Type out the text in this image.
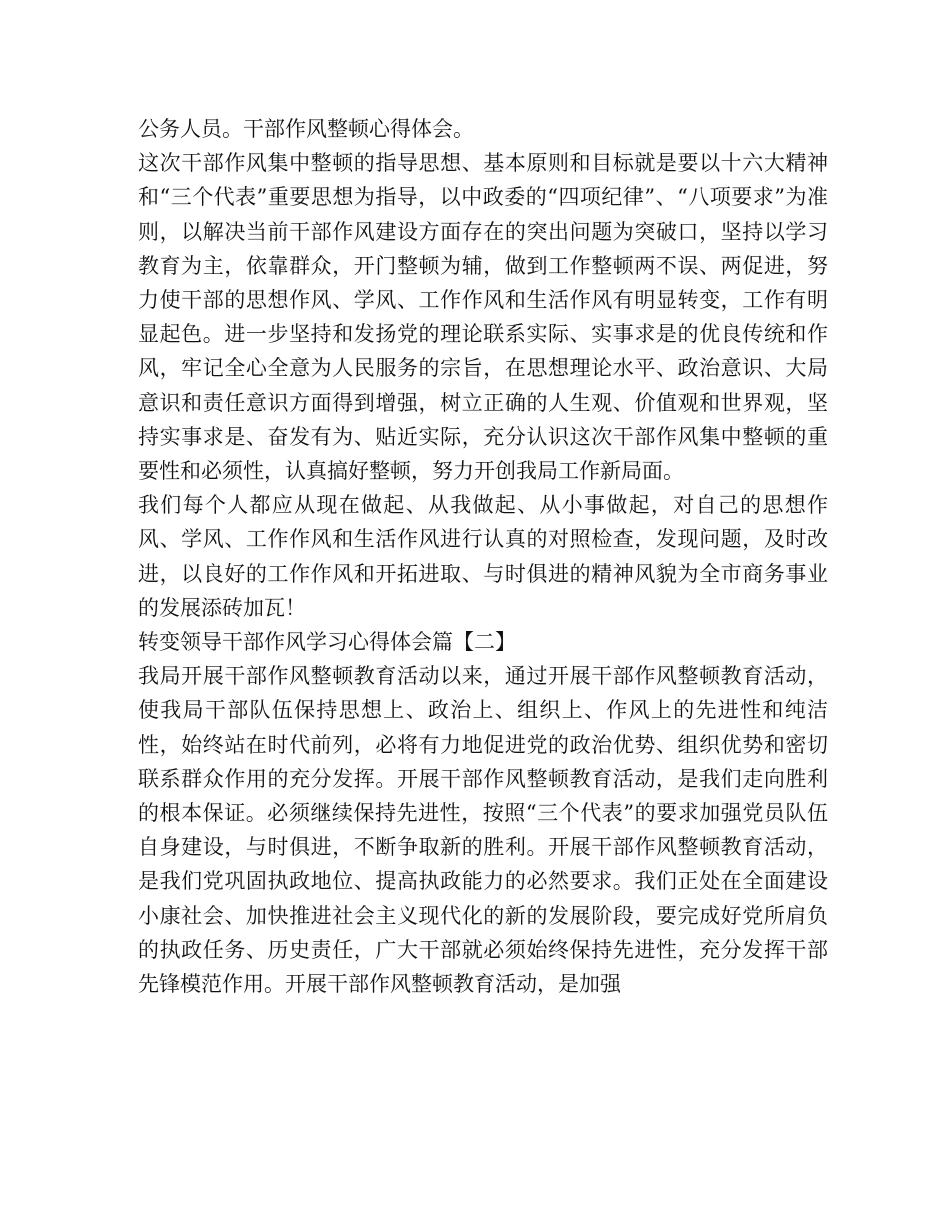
公务人员。干部作风整顿心得体会。

这次干部作风集中整顿的指导思想、基本原则和目标就是要以十六大精神和“三个代表”重要思想为指导，以中政委的“四项纪律”、“八项要求”为准则，以解决当前干部作风建设方面存在的突出问题为突破口，坚持以学习教育为主，依靠群众，开门整顿为辅，做到工作整顿两不误、两促进，努力使干部的思想作风、学风、工作作风和生活作风有明显转变，工作有明显起色。进一步坚持和发扬党的理论联系实际、实事求是的优良传统和作风，牢记全心全意为人民服务的宗旨，在思想理论水平、政治意识、大局意识和责任意识方面得到增强，树立正确的人生观、价值观和世界观，坚持实事求是、奋发有为、贴近实际，充分认识这次干部作风集中整顿的重要性和必须性，认真搞好整顿，努力开创我局工作新局面。

我们每个人都应从现在做起、从我做起、从小事做起，对自己的思想作风、学风、工作作风和生活作风进行认真的对照检查，发现问题，及时改进，以良好的工作作风和开拓进取、与时俱进的精神风貌为全市商务事业的发展添砖加瓦！

转变领导干部作风学习心得体会篇【二】

我局开展干部作风整顿教育活动以来，通过开展干部作风整顿教育活动，使我局干部队伍保持思想上、政治上、组织上、作风上的先进性和纯洁性，始终站在时代前列，必将有力地促进党的政治优势、组织优势和密切联系群众作用的充分发挥。开展干部作风整顿教育活动，是我们走向胜利的根本保证。必须继续保持先进性，按照“三个代表”的要求加强党员队伍自身建设，与时俱进，不断争取新的胜利。开展干部作风整顿教育活动，是我们党巩固执政地位、提高执政能力的必然要求。我们正处在全面建设小康社会、加快推进社会主义现代化的新的发展阶段，要完成好党所肩负的执政任务、历史责任，广大干部就必须始终保持先进性，充分发挥干部先锋模范作用。开展干部作风整顿教育活动，是加强
